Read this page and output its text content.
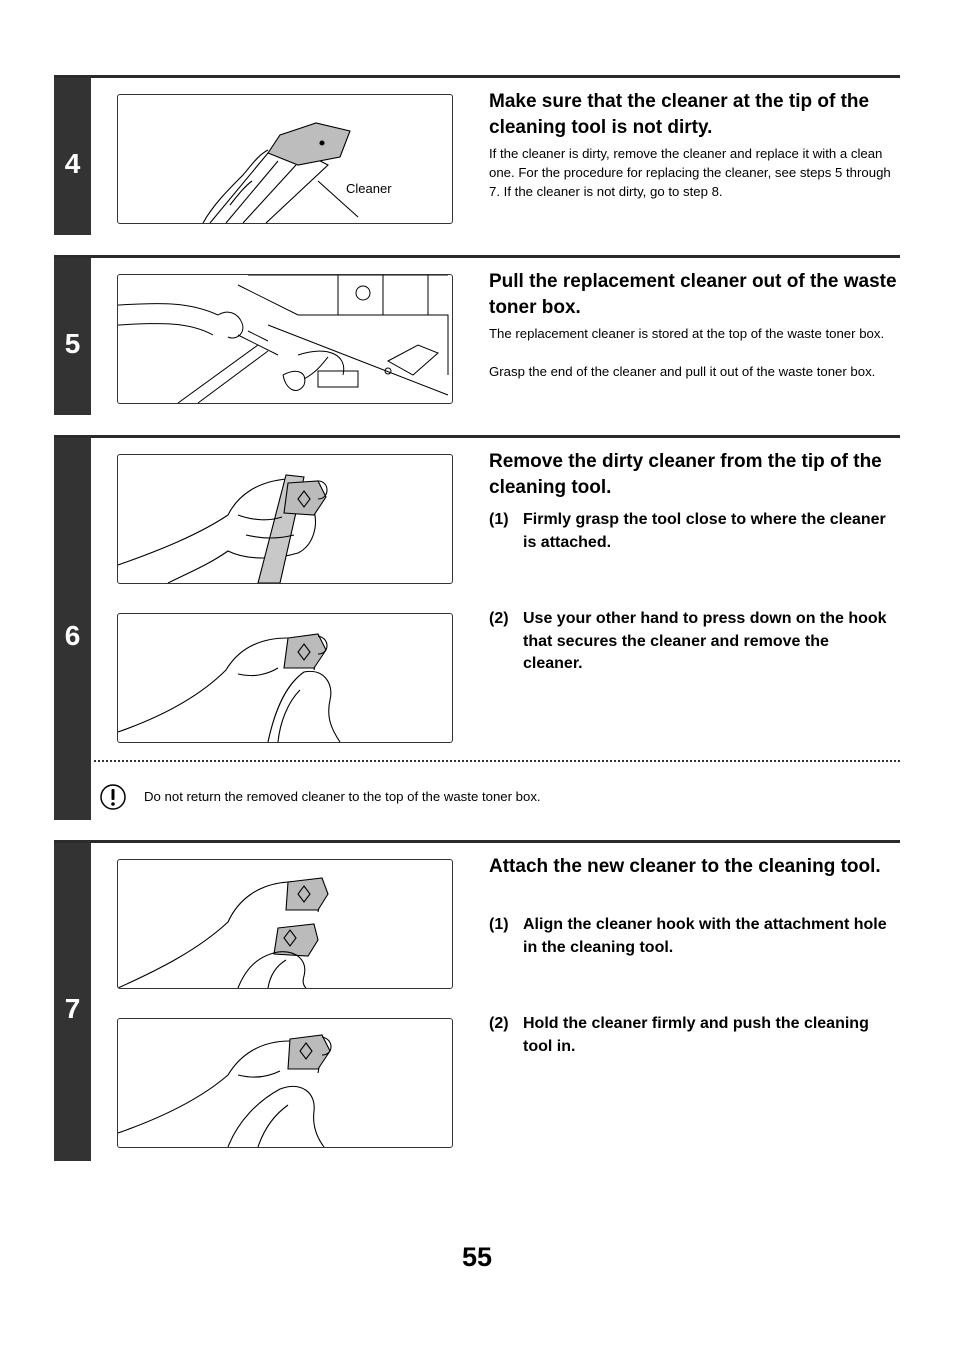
4
Cleaner
Make sure that the cleaner at the tip of the cleaning tool is not dirty.

If the cleaner is dirty, remove the cleaner and replace it with a clean one. For the procedure for replacing the cleaner, see steps 5 through 7. If the cleaner is not dirty, go to step 8.

5
Pull the replacement cleaner out of the waste toner box.

The replacement cleaner is stored at the top of the waste toner box.

Grasp the end of the cleaner and pull it out of the waste toner box.

6
Remove the dirty cleaner from the tip of the cleaning tool.
(1) Firmly grasp the tool close to where the cleaner is attached.
(2) Use your other hand to press down on the hook that secures the cleaner and remove the cleaner.
Do not return the removed cleaner to the top of the waste toner box.
7
Attach the new cleaner to the cleaning tool.
(1) Align the cleaner hook with the attachment hole in the cleaning tool.
(2) Hold the cleaner firmly and push the cleaning tool in.
55
